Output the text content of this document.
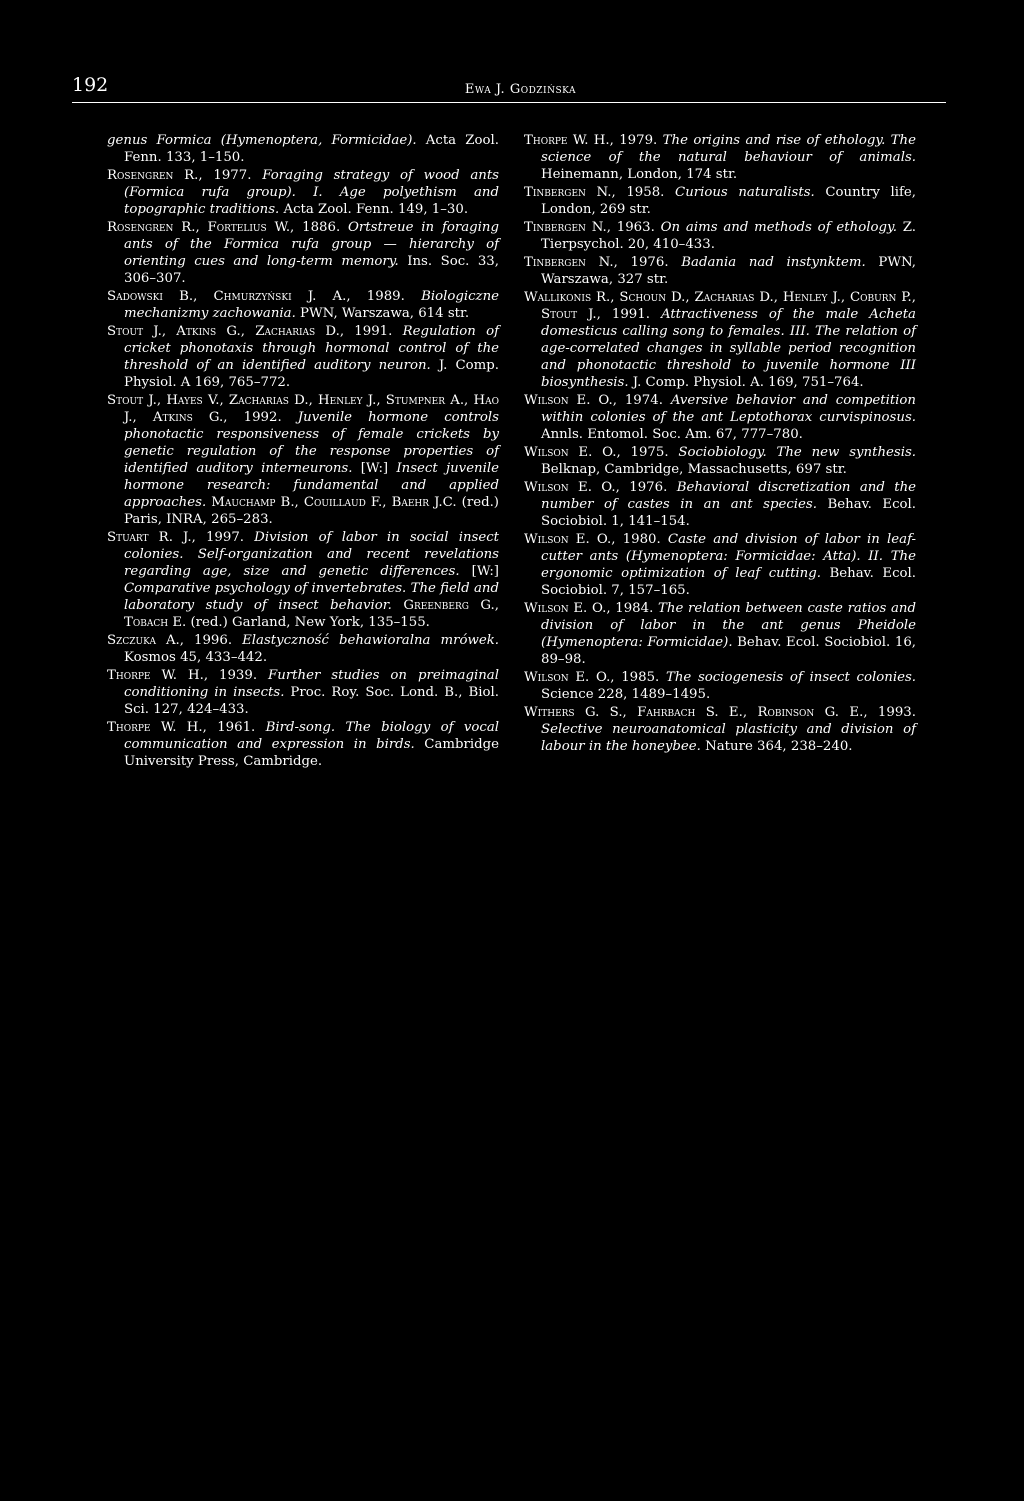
192	Ewa J. Godzińska

genus Formica (Hymenoptera, Formicidae). Acta Zool. Fenn. 133, 1–150.

Rosengren R., 1977. Foraging strategy of wood ants (Formica rufa group). I. Age polyethism and topographic traditions. Acta Zool. Fenn. 149, 1–30.

Rosengren R., Fortelius W., 1886. Ortstreue in foraging ants of the Formica rufa group — hierarchy of orienting cues and long-term memory. Ins. Soc. 33, 306–307.

Sadowski B., Chmurzyński J. A., 1989. Biologiczne mechanizmy zachowania. PWN, Warszawa, 614 str.

Stout J., Atkins G., Zacharias D., 1991. Regulation of cricket phonotaxis through hormonal control of the threshold of an identified auditory neuron. J. Comp. Physiol. A 169, 765–772.

Stout J., Hayes V., Zacharias D., Henley J., Stumpner A., Hao J., Atkins G., 1992. Juvenile hormone controls phonotactic responsiveness of female crickets by genetic regulation of the response properties of identified auditory interneurons. [W:] Insect juvenile hormone research: fundamental and applied approaches. Mauchamp B., Couillaud F., Baehr J.C. (red.) Paris, INRA, 265–283.

Stuart R. J., 1997. Division of labor in social insect colonies. Self-organization and recent revelations regarding age, size and genetic differences. [W:] Comparative psychology of invertebrates. The field and laboratory study of insect behavior. Greenberg G., Tobach E. (red.) Garland, New York, 135–155.

Szczuka A., 1996. Elastyczność behawioralna mrówek. Kosmos 45, 433–442.

Thorpe W. H., 1939. Further studies on preimaginal conditioning in insects. Proc. Roy. Soc. Lond. B., Biol. Sci. 127, 424–433.

Thorpe W. H., 1961. Bird-song. The biology of vocal communication and expression in birds. Cambridge University Press, Cambridge.

Thorpe W. H., 1979. The origins and rise of ethology. The science of the natural behaviour of animals. Heinemann, London, 174 str.

Tinbergen N., 1958. Curious naturalists. Country life, London, 269 str.

Tinbergen N., 1963. On aims and methods of ethology. Z. Tierpsychol. 20, 410–433.

Tinbergen N., 1976. Badania nad instynktem. PWN, Warszawa, 327 str.

Wallikonis R., Schoun D., Zacharias D., Henley J., Coburn P., Stout J., 1991. Attractiveness of the male Acheta domesticus calling song to females. III. The relation of age-correlated changes in syllable period recognition and phonotactic threshold to juvenile hormone III biosynthesis. J. Comp. Physiol. A. 169, 751–764.

Wilson E. O., 1974. Aversive behavior and competition within colonies of the ant Leptothorax curvispinosus. Annls. Entomol. Soc. Am. 67, 777–780.

Wilson E. O., 1975. Sociobiology. The new synthesis. Belknap, Cambridge, Massachusetts, 697 str.

Wilson E. O., 1976. Behavioral discretization and the number of castes in an ant species. Behav. Ecol. Sociobiol. 1, 141–154.

Wilson E. O., 1980. Caste and division of labor in leaf-cutter ants (Hymenoptera: Formicidae: Atta). II. The ergonomic optimization of leaf cutting. Behav. Ecol. Sociobiol. 7, 157–165.

Wilson E. O., 1984. The relation between caste ratios and division of labor in the ant genus Pheidole (Hymenoptera: Formicidae). Behav. Ecol. Sociobiol. 16, 89–98.

Wilson E. O., 1985. The sociogenesis of insect colonies. Science 228, 1489–1495.

Withers G. S., Fahrbach S. E., Robinson G. E., 1993. Selective neuroanatomical plasticity and division of labour in the honeybee. Nature 364, 238–240.
